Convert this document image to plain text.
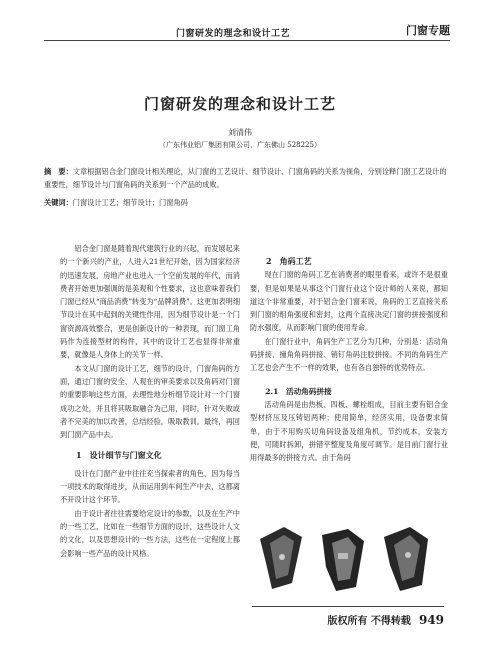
门窗研发的理念和设计工艺	门窗专题
门窗研发的理念和设计工艺
刘清伟
（广东伟业铝厂集团有限公司，广东佛山 528225）
摘　要：文章根据铝合金门窗设计相关理论，从门窗的工艺设计、细节设计、门窗角码的关系为视角，分别诠释门窗工艺设计的重要性，细节设计与门窗角码的关系到一个产品的成败。
关键词：门窗设计工艺；细节设计；门窗角码

铝合金门窗是随着现代建筑行业的兴起，而发展起来的一个新兴的产业，人进入21世纪开始，因为国家经济的迅速发展，房地产业也进入一个空前发展的年代，而消费者开始更加强调的是美观和个性要求，这也意味着我们门窗已经从“商品消费”转变为“品牌消费”。这更加表明细节设计在其中起到的关键性作用，因为细节设计是一个门窗资源高效整合，更是创新设计的一种表现，而门窗工角码作为连接型材的构件，其中的设计工艺也显得非常重要，就像是人身体上的关节一样。

本文从门窗的设计工艺，细节的设计，门窗角码的方面，通过门窗的安全、人观在的审美要求以及角码对门窗的重要影响这些方面，去理性地分析细节设计对一个门窗成功之处，并且将其吸取融合为己用，同时，针对失败或者不完美的加以改善，总结经验，吸取教训。最终，再回到门窗产品中去。

1　设计细节与门窗文化

设计在门窗产业中往往充当探索者的角色，因为每当一项技术的取得进步，从而运用到车间生产中去，这都离不开设计这个环节。

由于设计者往往需要给定设计的参数，以及在生产中的一些工艺，比如在一些细节方面的设计，这些设计人文的文化，以及思想设计的一些方法，这些在一定程度上都会影响一些产品的设计风格。

2　角码工艺

现在门窗的角码工艺在消费者的眼里看来，或许不是很重要，但是如果是从事这个门窗行业这个设计师的人来说，都知道这个非常重要，对于铝合金门窗来说，角码的工艺直接关系到门窗的组角强度和密封，这两个直接决定门窗的拼接强度和防水强度，从而影响门窗的使用寿命。

在门窗行业中，角码生产工艺分为几种，分别是：活动角码拼接、撞角角码拼接、销钉角码注胶拼接。不同的角码生产工艺也会产生不一样的效果，也有各自独特的优势特点。

2.1　活动角码拼接

活动角码是由热板、四板、螺栓组成，目前主要有铝合金型材挤压及压铸铝两种；使用简单，经济实用，设备要求简单，由于不用购买切角码设备及组角机，节约成本，安装方便，可随时拆卸，拼错平整度及角度可调节。是目前门窗行业用得最多的拼接方式。由于角码

版权所有 不得转载 949
